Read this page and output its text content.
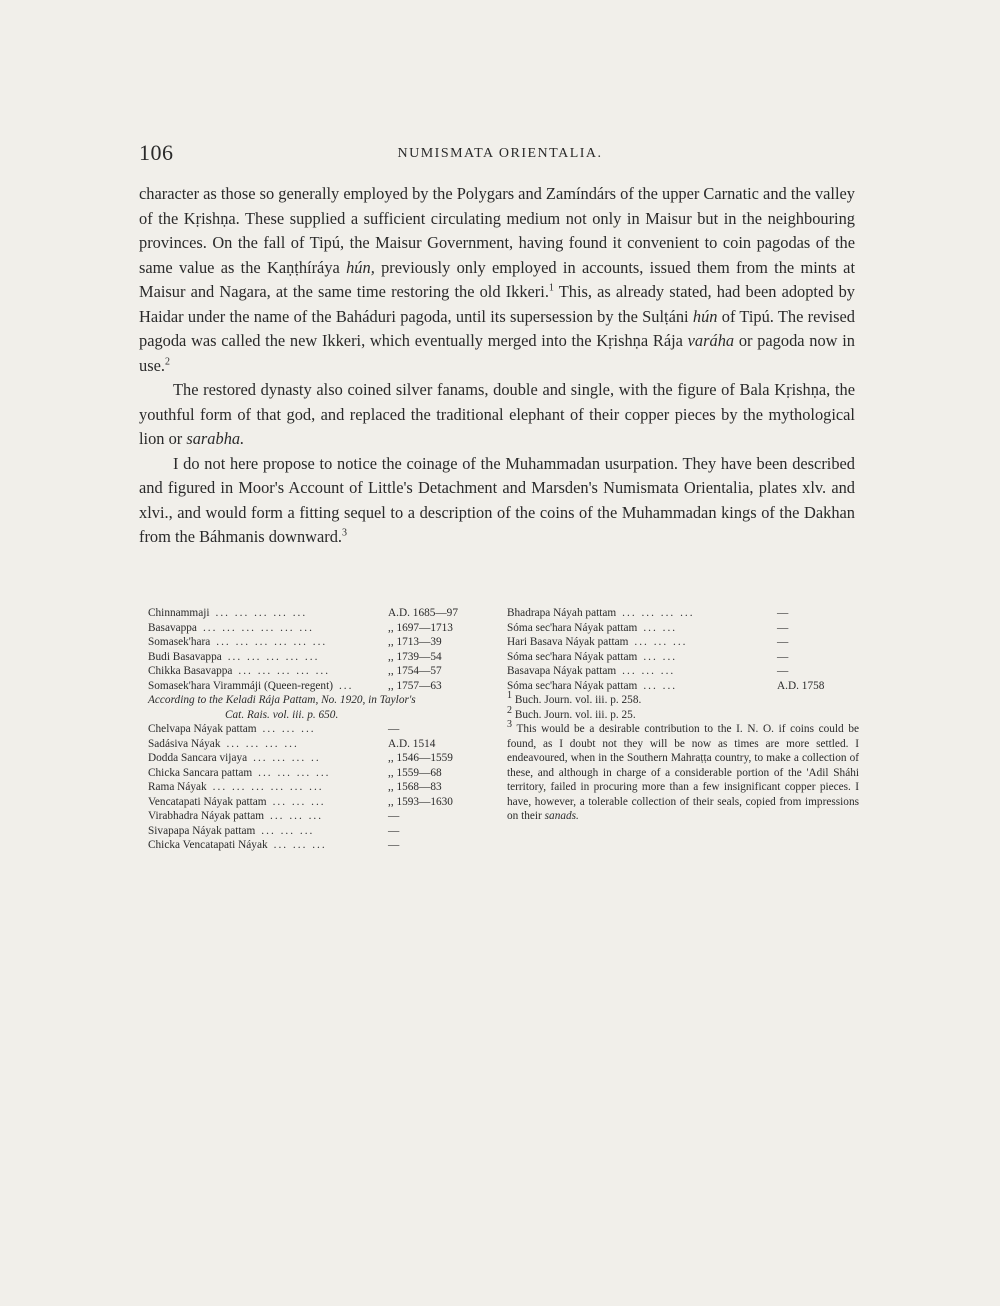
106	NUMISMATA ORIENTALIA.

character as those so generally employed by the Polygars and Zamíndárs of the upper Carnatic and the valley of the Kṛishṇa. These supplied a sufficient circulating medium not only in Maisur but in the neighbouring provinces. On the fall of Tipú, the Maisur Government, having found it convenient to coin pagodas of the same value as the Kaṇṭhíráya hún, previously only employed in accounts, issued them from the mints at Maisur and Nagara, at the same time restoring the old Ikkeri.$^1$ This, as already stated, had been adopted by Haidar under the name of the Baháduri pagoda, until its supersession by the Sulṭáni hún of Tipú. The revised pagoda was called the new Ikkeri, which eventually merged into the Kṛishṇa Rája varáha or pagoda now in use.$^2$

The restored dynasty also coined silver fanams, double and single, with the figure of Bala Kṛishṇa, the youthful form of that god, and replaced the traditional elephant of their copper pieces by the mythological lion or sarabha.

I do not here propose to notice the coinage of the Muhammadan usurpation. They have been described and figured in Moor's Account of Little's Detachment and Marsden's Numismata Orientalia, plates xlv. and xlvi., and would form a fitting sequel to a description of the coins of the Muhammadan kings of the Dakhan from the Báhmanis downward.$^3$

Chinnammaji ... ... ... ... ...	A.D. 1685—97
Basavappa ... ... ... ... ... ...	,, 1697—1713
Somasek'hara ... ... ... ... ... ...	,, 1713—39
Budi Basavappa ... ... ... ... ...	,, 1739—54
Chikka Basavappa ... ... ... ... ...	,, 1754—57
Somasek'hara Virammáji (Queen-regent) ...	,, 1757—63
According to the Keladi Rája Pattam, No. 1920, in Taylor's
Cat. Rais. vol. iii. p. 650.
Chelvapa Náyak pattam ... ... ...	—
Sadásiva Náyak ... ... ... ...	A.D. 1514
Dodda Sancara vijaya ... ... ... ..	,, 1546—1559
Chicka Sancara pattam ... ... ... ...	,, 1559—68
Rama Náyak ... ... ... ... ... ...	,, 1568—83
Vencatapati Náyak pattam ... ... ...	,, 1593—1630
Virabhadra Náyak pattam ... ... ...	—
Sivapapa Náyak pattam ... ... ...	—
Chicka Vencatapati Náyak ... ... ...	—
Bhadrapa Náyah pattam ... ... ... ...	—
Sóma sec'hara Náyak pattam ... ...	—
Hari Basava Náyak pattam ... ... ...	—
Sóma sec'hara Náyak pattam ... ...	—
Basavapa Náyak pattam ... ... ...	—
Sóma sec'hara Náyak pattam ... ...	A.D. 1758
$^1$ Buch. Journ. vol. iii. p. 258.
$^2$ Buch. Journ. vol. iii. p. 25.
$^3$ This would be a desirable contribution to the I. N. O. if coins could be found, as I doubt not they will be now as times are more settled. I endeavoured, when in the Southern Mahraṭṭa country, to make a collection of these, and although in charge of a considerable portion of the 'Adil Sháhi territory, failed in procuring more than a few insignificant copper pieces. I have, however, a tolerable collection of their seals, copied from impressions on their sanads.
